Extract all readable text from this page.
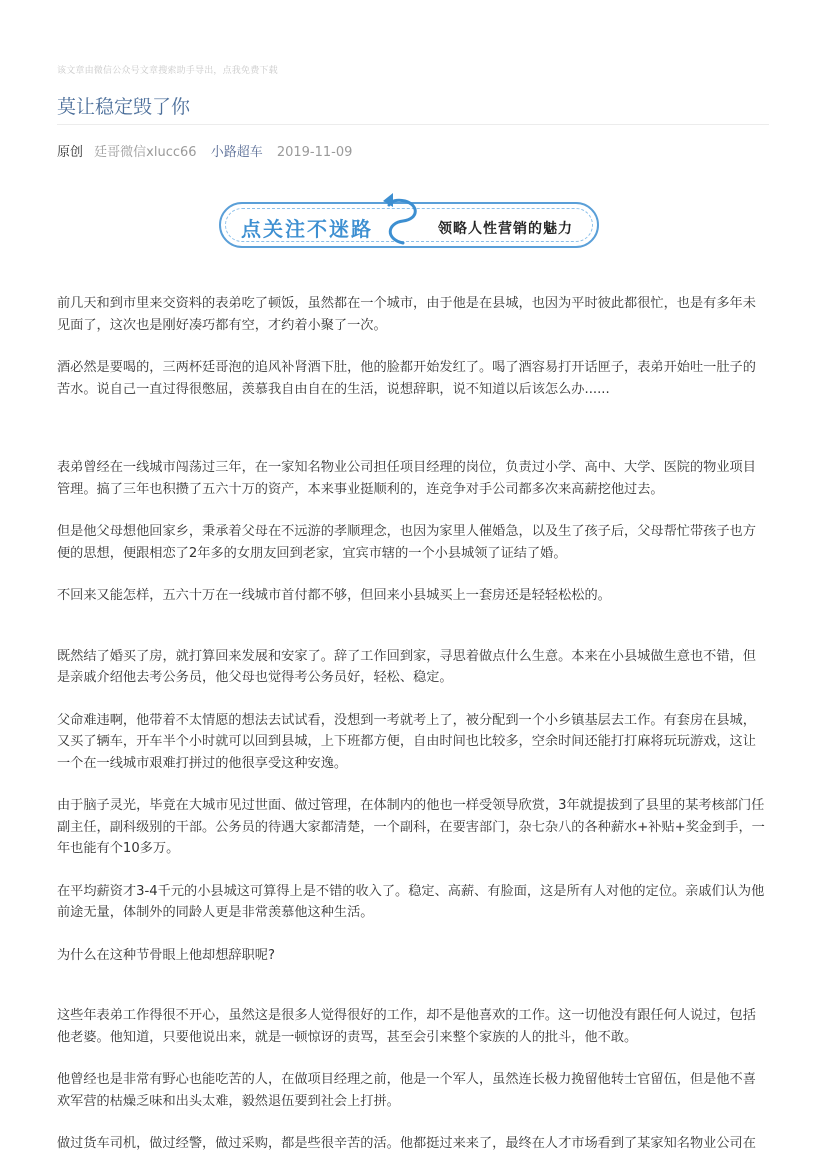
该文章由微信公众号文章搜索助手导出，点我免费下载
莫让稳定毁了你
原创 廷哥微信xlucc66 小路超车 2019-11-09
点关注不迷路	领略人性营销的魅力

前几天和到市里来交资料的表弟吃了顿饭，虽然都在一个城市，由于他是在县城，也因为平时彼此都很忙，也是有多年未见面了，这次也是刚好凑巧都有空，才约着小聚了一次。

酒必然是要喝的，三两杯廷哥泡的追风补肾酒下肚，他的脸都开始发红了。喝了酒容易打开话匣子，表弟开始吐一肚子的苦水。说自己一直过得很憋屈，羡慕我自由自在的生活，说想辞职，说不知道以后该怎么办......

表弟曾经在一线城市闯荡过三年，在一家知名物业公司担任项目经理的岗位，负责过小学、高中、大学、医院的物业项目管理。搞了三年也积攒了五六十万的资产，本来事业挺顺利的，连竞争对手公司都多次来高薪挖他过去。

但是他父母想他回家乡，秉承着父母在不远游的孝顺理念，也因为家里人催婚急，以及生了孩子后，父母帮忙带孩子也方便的思想，便跟相恋了2年多的女朋友回到老家，宜宾市辖的一个小县城领了证结了婚。

不回来又能怎样，五六十万在一线城市首付都不够，但回来小县城买上一套房还是轻轻松松的。

既然结了婚买了房，就打算回来发展和安家了。辞了工作回到家，寻思着做点什么生意。本来在小县城做生意也不错，但是亲戚介绍他去考公务员，他父母也觉得考公务员好，轻松、稳定。

父命难违啊，他带着不太情愿的想法去试试看，没想到一考就考上了，被分配到一个小乡镇基层去工作。有套房在县城，又买了辆车，开车半个小时就可以回到县城，上下班都方便，自由时间也比较多，空余时间还能打打麻将玩玩游戏，这让一个在一线城市艰难打拼过的他很享受这种安逸。

由于脑子灵光，毕竟在大城市见过世面、做过管理，在体制内的他也一样受领导欣赏，3年就提拔到了县里的某考核部门任副主任，副科级别的干部。公务员的待遇大家都清楚，一个副科，在要害部门，杂七杂八的各种薪水+补贴+奖金到手，一年也能有个10多万。

在平均薪资才3-4千元的小县城这可算得上是不错的收入了。稳定、高薪、有脸面，这是所有人对他的定位。亲戚们认为他前途无量，体制外的同龄人更是非常羡慕他这种生活。

为什么在这种节骨眼上他却想辞职呢?

这些年表弟工作得很不开心，虽然这是很多人觉得很好的工作，却不是他喜欢的工作。这一切他没有跟任何人说过，包括他老婆。他知道，只要他说出来，就是一顿惊讶的责骂，甚至会引来整个家族的人的批斗，他不敢。

他曾经也是非常有野心也能吃苦的人，在做项目经理之前，他是一个军人，虽然连长极力挽留他转士官留伍，但是他不喜欢军营的枯燥乏味和出头太难，毅然退伍要到社会上打拼。

做过货车司机，做过经警，做过采购，都是些很辛苦的活。他都挺过来来了，最终在人才市场看到了某家知名物业公司在
